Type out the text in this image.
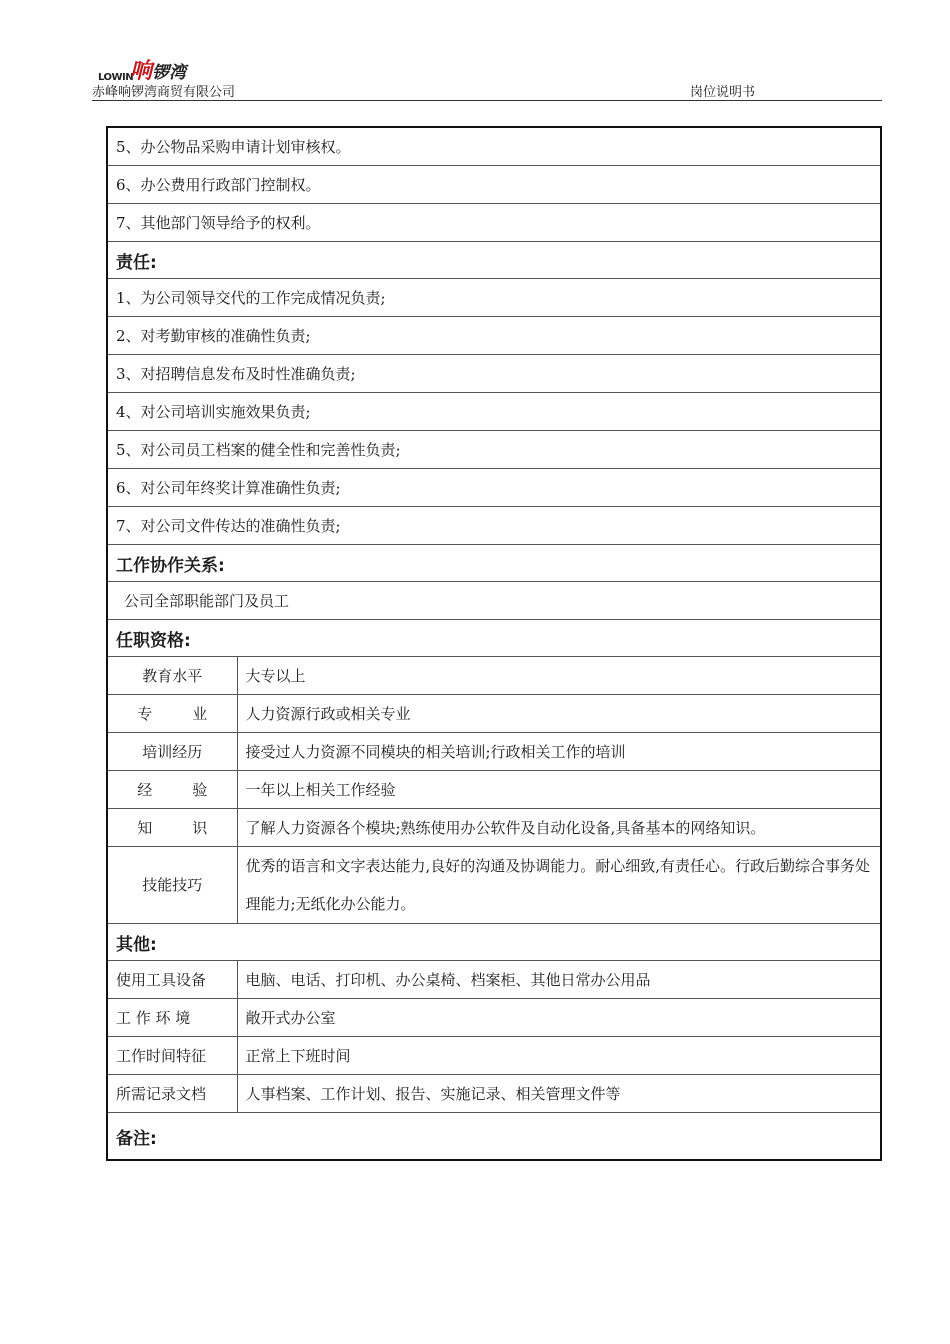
LOWIN
响锣湾
赤峰响锣湾商贸有限公司	岗位说明书
5、办公物品采购申请计划审核权。	
6、办公费用行政部门控制权。	
7、其他部门领导给予的权利。	
责任:	
1、为公司领导交代的工作完成情况负责;	
2、对考勤审核的准确性负责;	
3、对招聘信息发布及时性准确负责;	
4、对公司培训实施效果负责;	
5、对公司员工档案的健全性和完善性负责;	
6、对公司年终奖计算准确性负责;	
7、对公司文件传达的准确性负责;	
工作协作关系:	
公司全部职能部门及员工	
任职资格:	
教育水平	大专以上

专 业	人力资源行政或相关专业
培训经历	接受过人力资源不同模块的相关培训;行政相关工作的培训

经 验	一年以上相关工作经验

知 识	了解人力资源各个模块;熟练使用办公软件及自动化设备,具备基本的网络知识。
技能技巧	优秀的语言和文字表达能力,良好的沟通及协调能力。耐心细致,有责任心。行政后勤综合事务处理能力;无纸化办公能力。
其他:	
使用工具设备	电脑、电话、打印机、办公桌椅、档案柜、其他日常办公用品
工 作 环 境	敞开式办公室
工作时间特征	正常上下班时间
所需记录文档	人事档案、工作计划、报告、实施记录、相关管理文件等
备注:	
